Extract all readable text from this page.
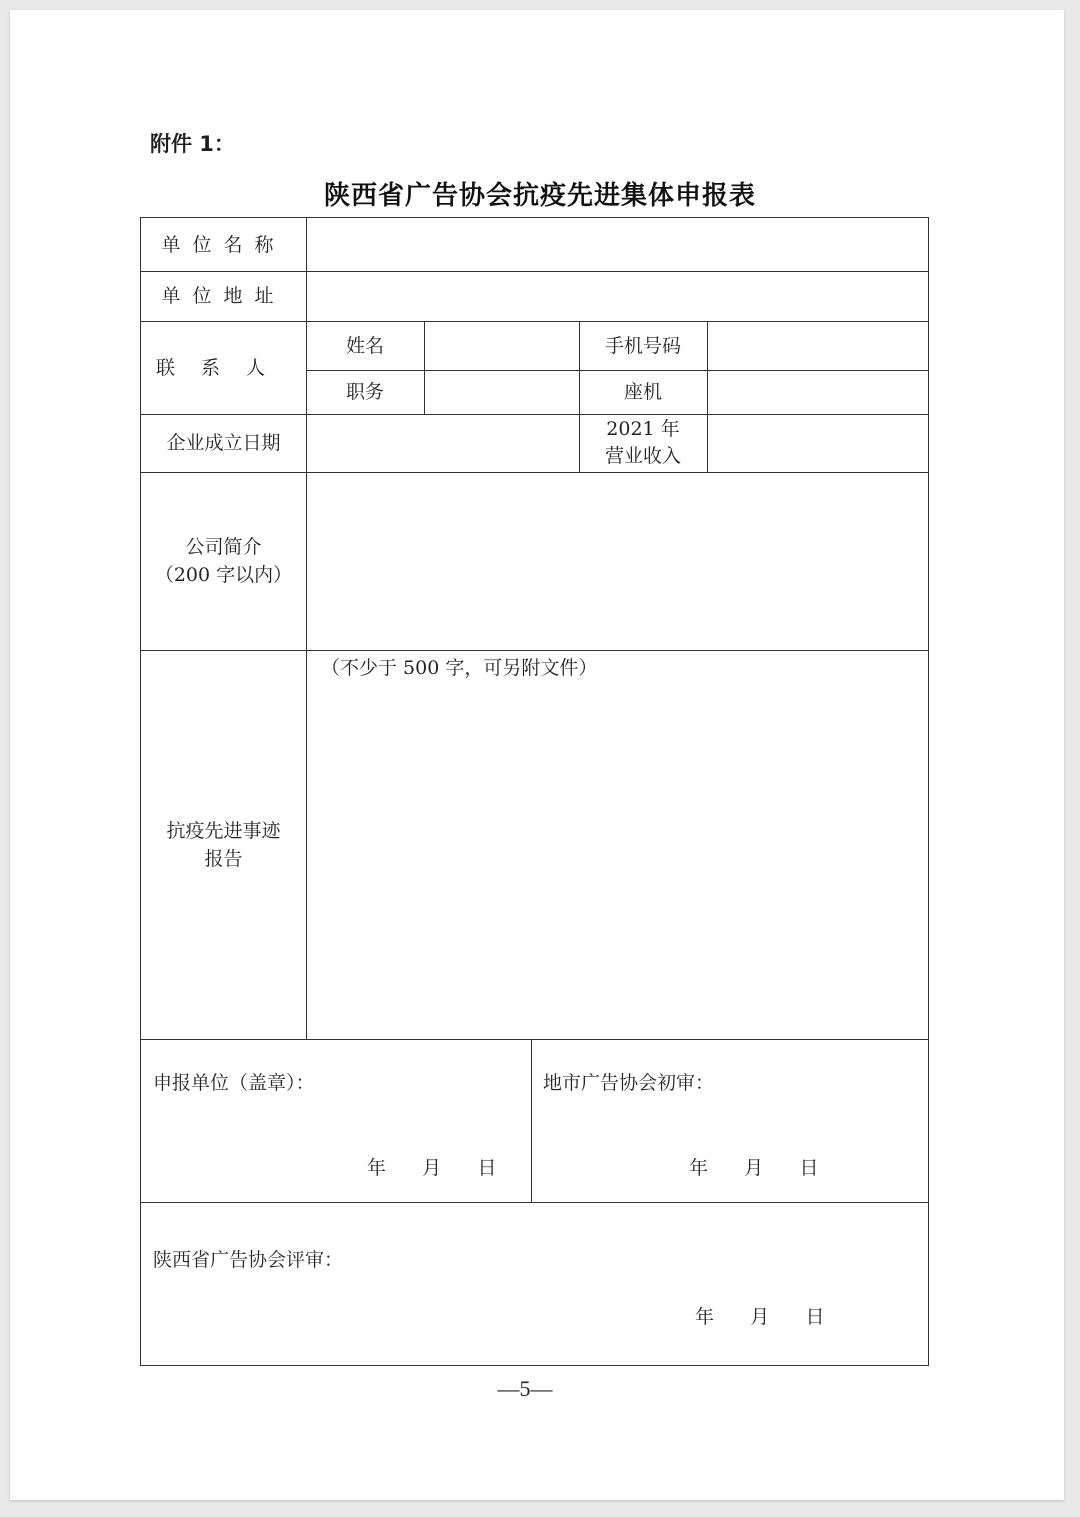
附件 1：
陕西省广告协会抗疫先进集体申报表
单位名称
单位地址
联系人
姓名	手机号码
职务	座机
企业成立日期
2021 年
营业收入
公司简介
（200 字以内）
抗疫先进事迹
报告
（不少于 500 字，可另附文件）
申报单位（盖章）：
年      月      日
地市广告协会初审：
年      月      日
陕西省广告协会评审：
年      月      日
—5—
